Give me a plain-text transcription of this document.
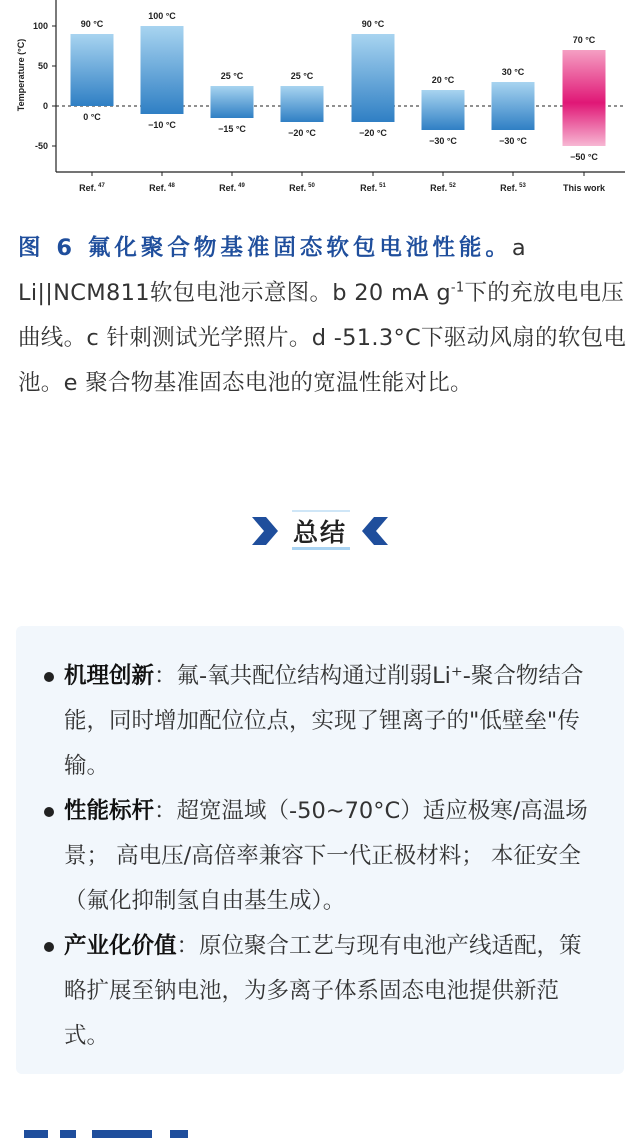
100
50
0
-50
Temperature (°C)
90 °C
0 °C
Ref. $^{47}$
100 °C
−10 °C
Ref. $^{48}$
25 °C
−15 °C
Ref. $^{49}$
25 °C
−20 °C
Ref. $^{50}$
90 °C
−20 °C
Ref. $^{51}$
20 °C
−30 °C
Ref. $^{52}$
30 °C
−30 °C
Ref. $^{53}$
70 °C
−50 °C
This work
图 6 氟化聚合物基准固态软包电池性能。a Li||NCM811软包电池示意图。b 20 mA $g^{-1}$下的充放电电压曲线。c 针刺测试光学照片。d -51.3°C下驱动风扇的软包电池。e 聚合物基准固态电池的宽温性能对比。
总结
机理创新：氟-氧共配位结构通过削弱Li⁺-聚合物结合能，同时增加配位位点，实现了锂离子的"低壁垒"传输。
性能标杆：超宽温域（-50~70°C）适应极寒/高温场景； 高电压/高倍率兼容下一代正极材料； 本征安全（氟化抑制氢自由基生成）。
产业化价值：原位聚合工艺与现有电池产线适配，策略扩展至钠电池，为多离子体系固态电池提供新范式。
